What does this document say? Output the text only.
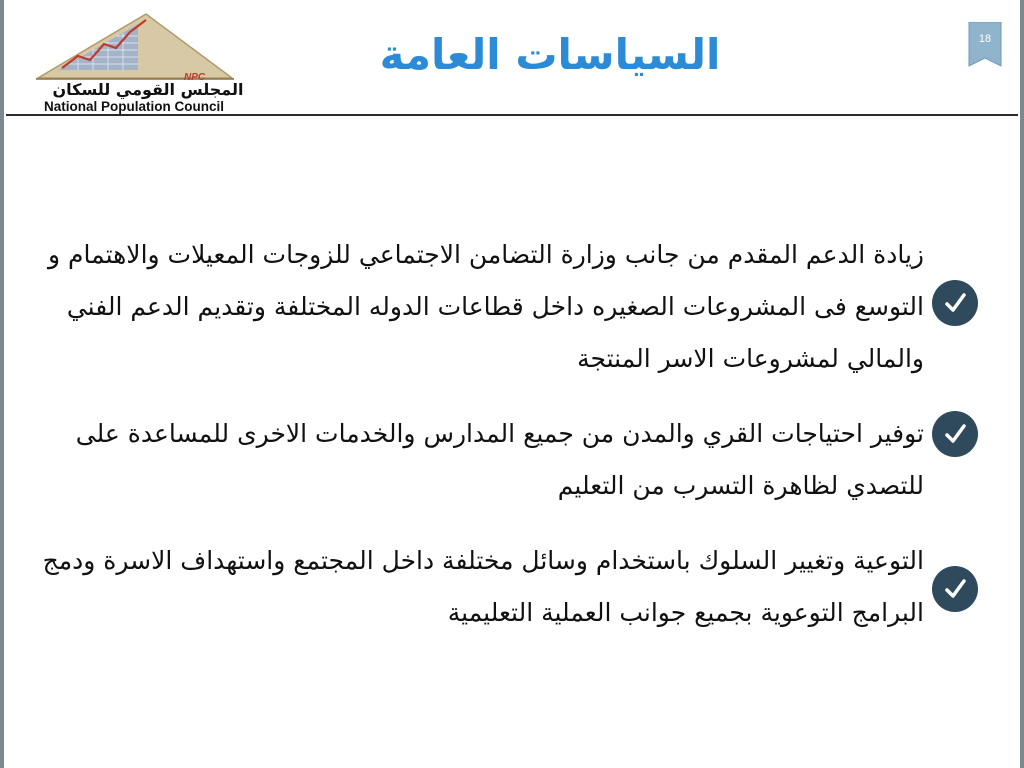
NPC
المجلس القومي للسكان
National Population Council
السياسات العامة	18
زيادة الدعم المقدم من جانب وزارة التضامن الاجتماعي للزوجات المعيلات والاهتمام و التوسع فى المشروعات الصغيره داخل قطاعات الدوله المختلفة وتقديم الدعم الفني والمالي لمشروعات الاسر المنتجة
توفير احتياجات القري والمدن من جميع المدارس والخدمات الاخرى للمساعدة على للتصدي لظاهرة التسرب من التعليم
التوعية وتغيير السلوك باستخدام وسائل مختلفة داخل المجتمع واستهداف الاسرة ودمج البرامج التوعوية بجميع جوانب العملية التعليمية
